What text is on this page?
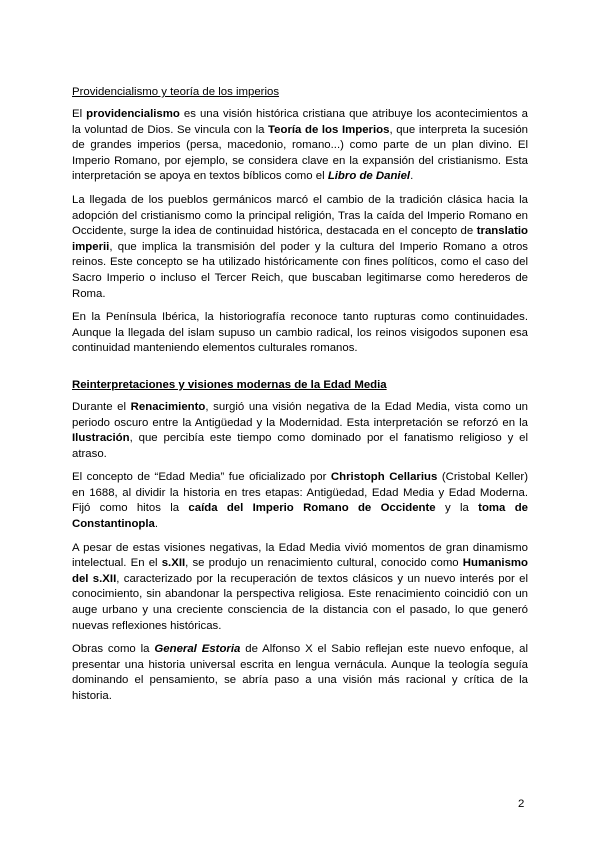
Providencialismo y teoría de los imperios

El providencialismo es una visión histórica cristiana que atribuye los acontecimientos a la voluntad de Dios. Se vincula con la Teoría de los Imperios, que interpreta la sucesión de grandes imperios (persa, macedonio, romano...) como parte de un plan divino. El Imperio Romano, por ejemplo, se considera clave en la expansión del cristianismo. Esta interpretación se apoya en textos bíblicos como el Libro de Daniel.

La llegada de los pueblos germánicos marcó el cambio de la tradición clásica hacia la adopción del cristianismo como la principal religión, Tras la caída del Imperio Romano en Occidente, surge la idea de continuidad histórica, destacada en el concepto de translatio imperii, que implica la transmisión del poder y la cultura del Imperio Romano a otros reinos. Este concepto se ha utilizado históricamente con fines políticos, como el caso del Sacro Imperio o incluso el Tercer Reich, que buscaban legitimarse como herederos de Roma.

En la Península Ibérica, la historiografía reconoce tanto rupturas como continuidades. Aunque la llegada del islam supuso un cambio radical, los reinos visigodos suponen esa continuidad manteniendo elementos culturales romanos.

Reinterpretaciones y visiones modernas de la Edad Media

Durante el Renacimiento, surgió una visión negativa de la Edad Media, vista como un periodo oscuro entre la Antigüedad y la Modernidad. Esta interpretación se reforzó en la Ilustración, que percibía este tiempo como dominado por el fanatismo religioso y el atraso.

El concepto de “Edad Media” fue oficializado por Christoph Cellarius (Cristobal Keller) en 1688, al dividir la historia en tres etapas: Antigüedad, Edad Media y Edad Moderna. Fijó como hitos la caída del Imperio Romano de Occidente y la toma de Constantinopla.

A pesar de estas visiones negativas, la Edad Media vivió momentos de gran dinamismo intelectual. En el s.XII, se produjo un renacimiento cultural, conocido como Humanismo del s.XII, caracterizado por la recuperación de textos clásicos y un nuevo interés por el conocimiento, sin abandonar la perspectiva religiosa. Este renacimiento coincidió con un auge urbano y una creciente consciencia de la distancia con el pasado, lo que generó nuevas reflexiones históricas.

Obras como la General Estoria de Alfonso X el Sabio reflejan este nuevo enfoque, al presentar una historia universal escrita en lengua vernácula. Aunque la teología seguía dominando el pensamiento, se abría paso a una visión más racional y crítica de la historia.

2
